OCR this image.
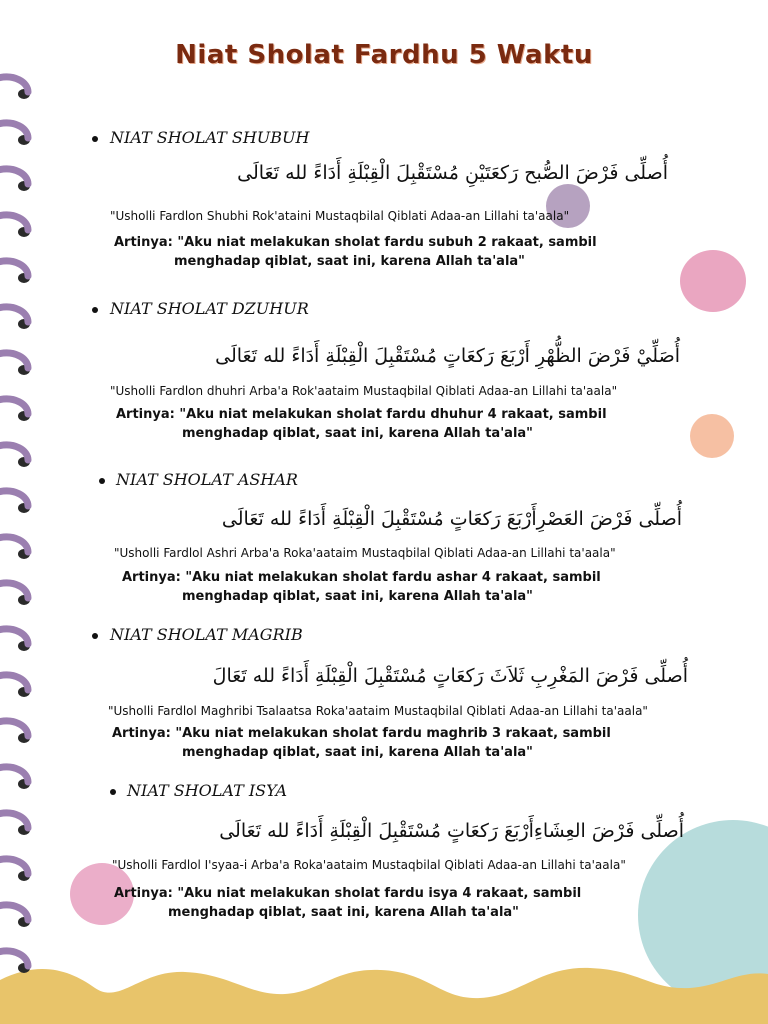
Niat Sholat Fardhu 5 Waktu
NIAT SHOLAT SHUBUH
أُصلِّى فَرْضَ الصُّبح رَكعَتَيْنِ مُسْتَقْبِلَ الْقِبْلَةِ أَدَاءً لله تَعَالَى
"Usholli Fardlon Shubhi Rok'ataini Mustaqbilal Qiblati Adaa-an Lillahi ta'aala"
Artinya: "Aku niat melakukan sholat fardu subuh 2 rakaat, sambil
menghadap qiblat, saat ini, karena Allah ta'ala"
NIAT SHOLAT DZUHUR
أُصَلِّيْ فَرْضَ الظُّهْرِ أَرْبَعَ رَكعَاتٍ مُسْتَقْبِلَ الْقِبْلَةِ أَدَاءً لله تَعَالَى
"Usholli Fardlon dhuhri Arba'a Rok'aataim Mustaqbilal Qiblati Adaa-an Lillahi ta'aala"
Artinya: "Aku niat melakukan sholat fardu dhuhur 4 rakaat, sambil
menghadap qiblat, saat ini, karena Allah ta'ala"
NIAT SHOLAT ASHAR
أُصلِّى فَرْضَ العَصْرِأَرْبَعَ رَكعَاتٍ مُسْتَقْبِلَ الْقِبْلَةِ أَدَاءً لله تَعَالَى
"Usholli Fardlol Ashri Arba'a Roka'aataim Mustaqbilal Qiblati Adaa-an Lillahi ta'aala"
Artinya: "Aku niat melakukan sholat fardu ashar 4 rakaat, sambil
menghadap qiblat, saat ini, karena Allah ta'ala"
NIAT SHOLAT MAGRIB
أُصلِّى فَرْضَ المَغْرِبِ ثَلاَثَ رَكعَاتٍ مُسْتَقْبِلَ الْقِبْلَةِ أَدَاءً لله تَعَالَ
"Usholli Fardlol Maghribi Tsalaatsa Roka'aataim Mustaqbilal Qiblati Adaa-an Lillahi ta'aala"
Artinya: "Aku niat melakukan sholat fardu maghrib 3 rakaat, sambil
menghadap qiblat, saat ini, karena Allah ta'ala"
NIAT SHOLAT ISYA
أُصلِّى فَرْضَ العِشَاءِأَرْبَعَ رَكعَاتٍ مُسْتَقْبِلَ الْقِبْلَةِ أَدَاءً لله تَعَالَى
"Usholli Fardlol I'syaa-i Arba'a Roka'aataim Mustaqbilal Qiblati Adaa-an Lillahi ta'aala"
Artinya: "Aku niat melakukan sholat fardu isya 4 rakaat, sambil
menghadap qiblat, saat ini, karena Allah ta'ala"
